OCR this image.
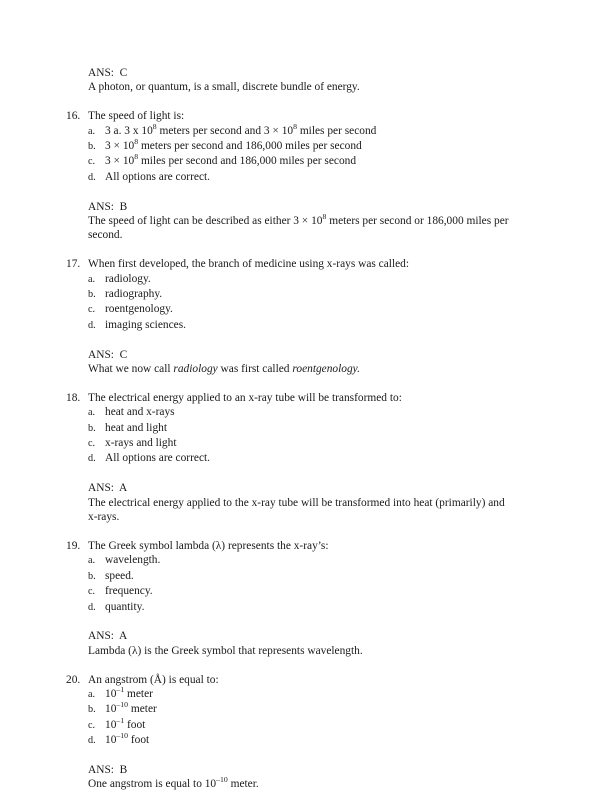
ANS:  C
A photon, or quantum, is a small, discrete bundle of energy.
16. The speed of light is:
a. 3 a. 3 x $10^8$ meters per second and $3 \times 10^8$ miles per second
b. $3 \times 10^8$ meters per second and 186,000 miles per second
c. $3 \times 10^8$ miles per second and 186,000 miles per second
d. All options are correct.
ANS:  B
The speed of light can be described as either $3 \times 10^8$ meters per second or 186,000 miles per second.
17. When first developed, the branch of medicine using x-rays was called:
a. radiology.
b. radiography.
c. roentgenology.
d. imaging sciences.
ANS:  C
What we now call radiology was first called roentgenology.
18. The electrical energy applied to an x-ray tube will be transformed to:
a. heat and x-rays
b. heat and light
c. x-rays and light
d. All options are correct.
ANS:  A
The electrical energy applied to the x-ray tube will be transformed into heat (primarily) and x-rays.
19. The Greek symbol lambda (λ) represents the x-ray’s:
a. wavelength.
b. speed.
c. frequency.
d. quantity.
ANS:  A
Lambda (λ) is the Greek symbol that represents wavelength.
20. An angstrom (Å) is equal to:
a. $10^{-1}$ meter
b. $10^{-10}$ meter
c. $10^{-1}$ foot
d. $10^{-10}$ foot
ANS:  B
One angstrom is equal to $10^{-10}$ meter.
